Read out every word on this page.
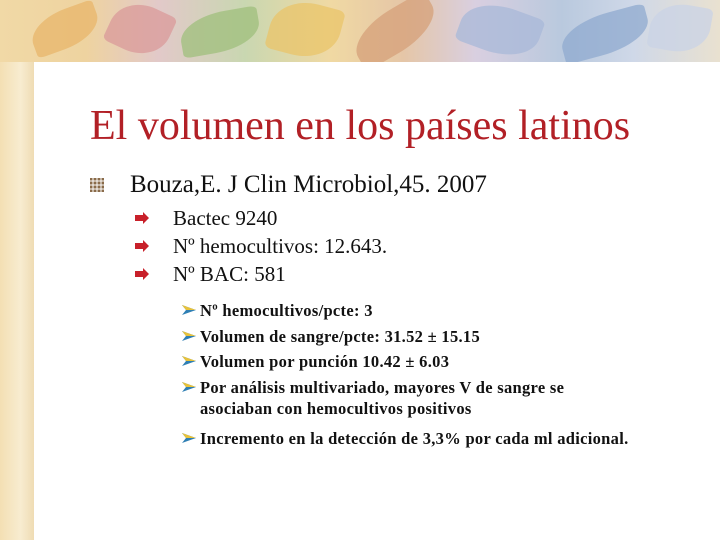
El volumen en los países latinos
Bouza,E. J Clin Microbiol,45. 2007
Bactec 9240
Nº hemocultivos: 12.643.
Nº BAC: 581
Nº hemocultivos/pcte: 3
Volumen de sangre/pcte: 31.52 ± 15.15
Volumen por punción 10.42 ± 6.03
Por análisis multivariado, mayores V de sangre se asociaban con hemocultivos positivos
Incremento en la detección de 3,3% por cada ml adicional.
